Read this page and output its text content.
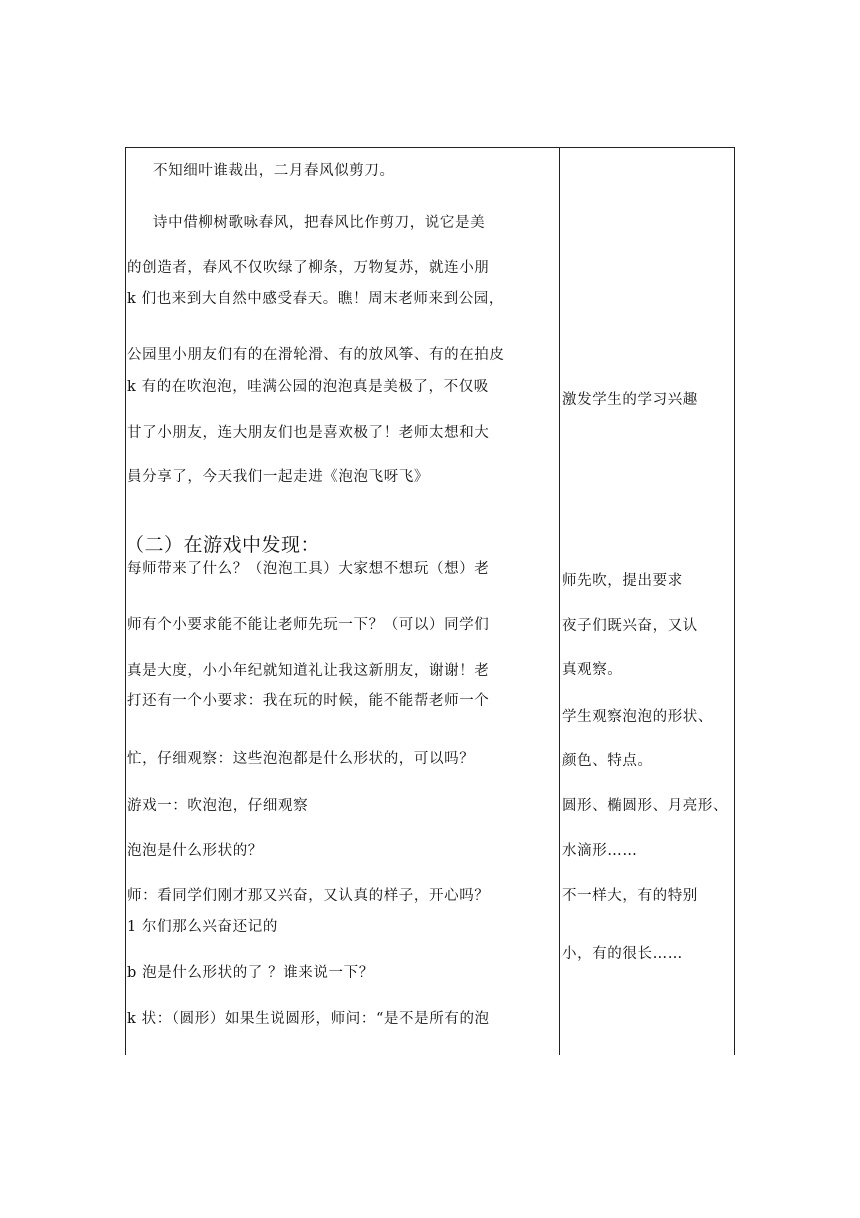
不知细叶谁裁出，二月春风似剪刀。
诗中借柳树歌咏春风，把春风比作剪刀，说它是美
的创造者，春风不仅吹绿了柳条，万物复苏，就连小朋
k 们也来到大自然中感受春天。瞧！周末老师来到公园，
公园里小朋友们有的在滑轮滑、有的放风筝、有的在拍皮
k 有的在吹泡泡，哇满公园的泡泡真是美极了，不仅吸
甘了小朋友，连大朋友们也是喜欢极了！老师太想和大
員分享了，今天我们一起走进《泡泡飞呀飞》
（二）在游戏中发现：
每师带来了什么？（泡泡工具）大家想不想玩（想）老
师有个小要求能不能让老师先玩一下？（可以）同学们
真是大度，小小年纪就知道礼让我这新朋友，谢谢！老
打还有一个小要求：我在玩的时候，能不能帮老师一个
忙，仔细观察：这些泡泡都是什么形状的，可以吗？
游戏一：吹泡泡，仔细观察
泡泡是什么形状的？
师：看同学们刚才那又兴奋，又认真的样子，开心吗？
1 尔们那么兴奋还记的
b 泡是什么形状的了 ？谁来说一下？
k 状：（圆形）如果生说圆形，师问：“是不是所有的泡
激发学生的学习兴趣
师先吹，提出要求
夜子们既兴奋，又认
真观察。
学生观察泡泡的形状、
颜色、特点。
圆形、椭圆形、月亮形、
水滴形……
不一样大，有的特别
小，有的很长……
